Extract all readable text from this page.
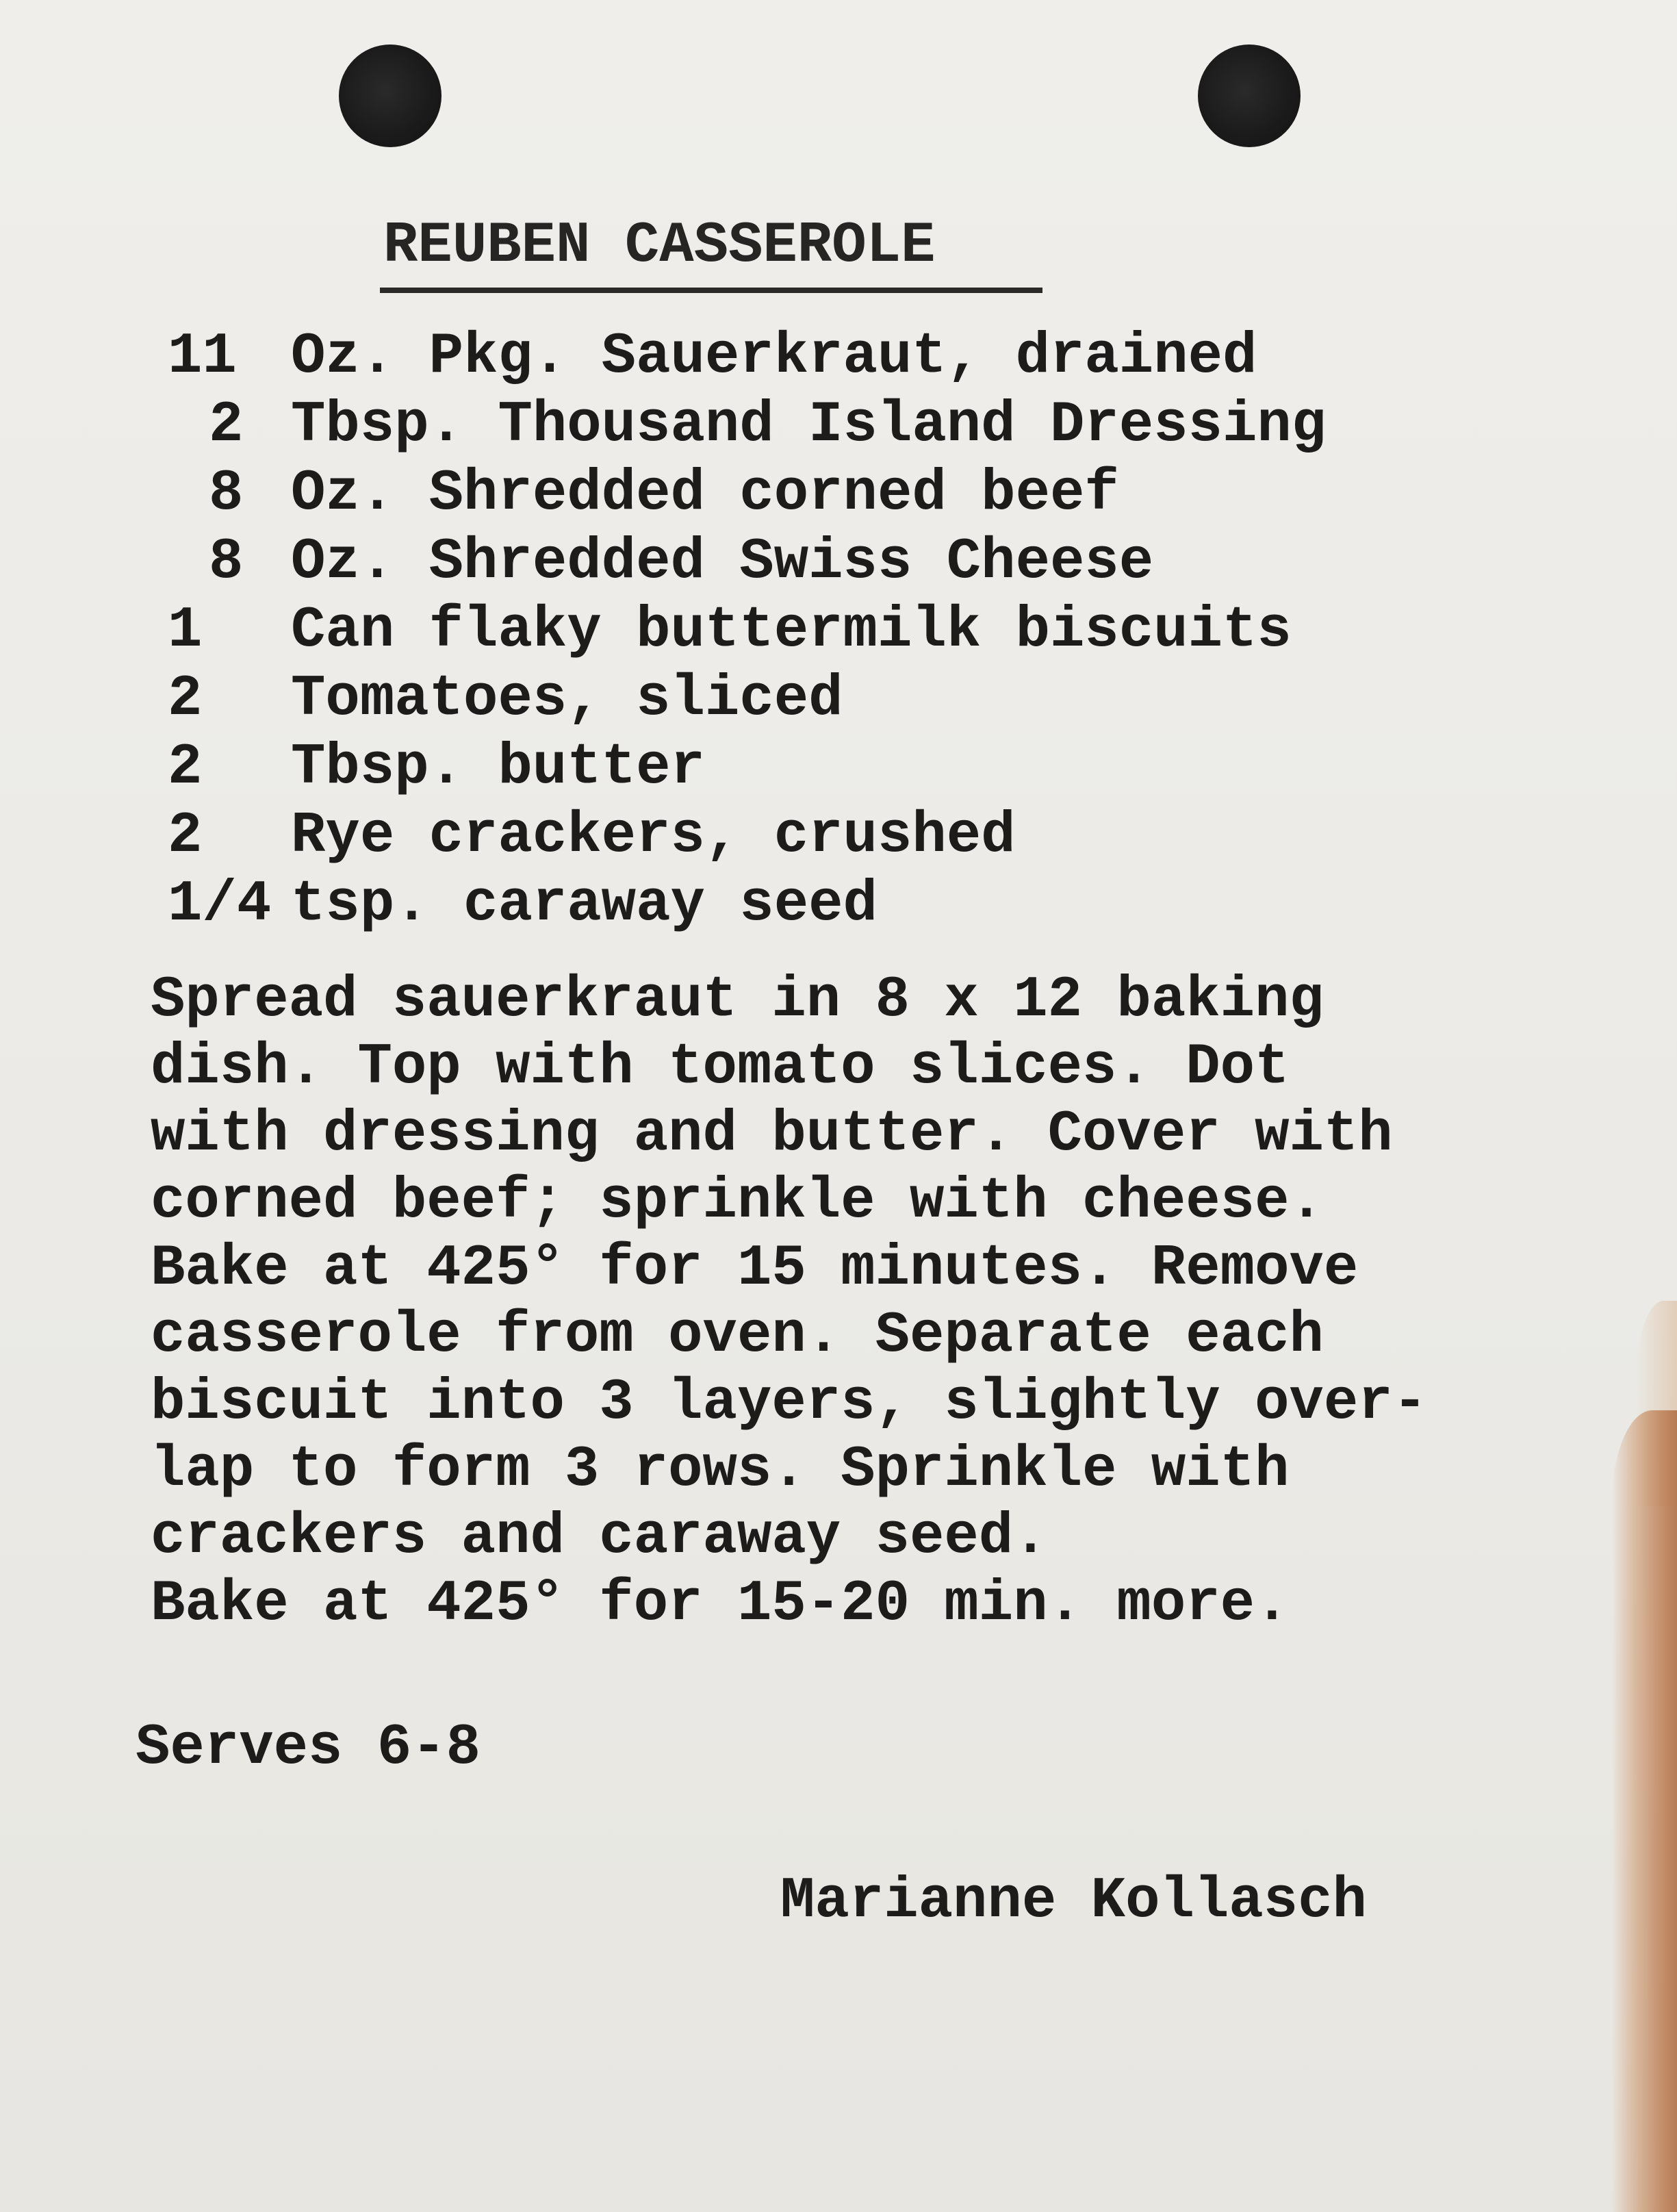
REUBEN CASSEROLE
11 Oz. Pkg. Sauerkraut, drained
2 Tbsp. Thousand Island Dressing
8 Oz. Shredded corned beef
8 Oz. Shredded Swiss Cheese
1 Can flaky buttermilk biscuits
2 Tomatoes, sliced
2 Tbsp. butter
2 Rye crackers, crushed
1/4 tsp. caraway seed
Spread sauerkraut in 8 x 12 baking
dish. Top with tomato slices. Dot
with dressing and butter. Cover with
corned beef; sprinkle with cheese.
Bake at 425° for 15 minutes. Remove
casserole from oven. Separate each
biscuit into 3 layers, slightly over-
lap to form 3 rows. Sprinkle with
crackers and caraway seed.
Bake at 425° for 15-20 min. more.
Serves 6-8
Marianne Kollasch
